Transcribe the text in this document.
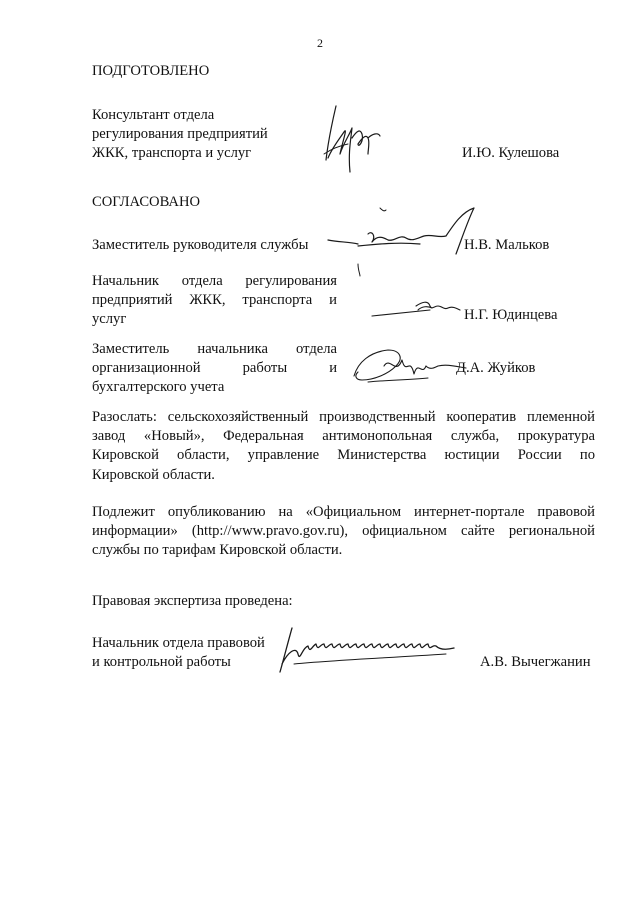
2
ПОДГОТОВЛЕНО
Консультант отдела
регулирования предприятий
ЖКК, транспорта и услуг	И.Ю. Кулешова
СОГЛАСОВАНО
Заместитель руководителя службы	Н.В. Мальков
Начальник отдела регулирования
предприятий ЖКК, транспорта и
услуг	Н.Г. Юдинцева
Заместитель начальника отдела
организационной работы и
бухгалтерского учета
Д.А. Жуйков
Разослать: сельскохозяйственный производственный кооператив племенной
завод «Новый», Федеральная антимонопольная служба, прокуратура
Кировской области, управление Министерства юстиции России по
Кировской области.
Подлежит опубликованию на «Официальном интернет-портале правовой
информации» (http://www.pravo.gov.ru), официальном сайте региональной
службы по тарифам Кировской области.
Правовая экспертиза проведена:
Начальник отдела правовой
и контрольной работы	А.В. Вычегжанин
